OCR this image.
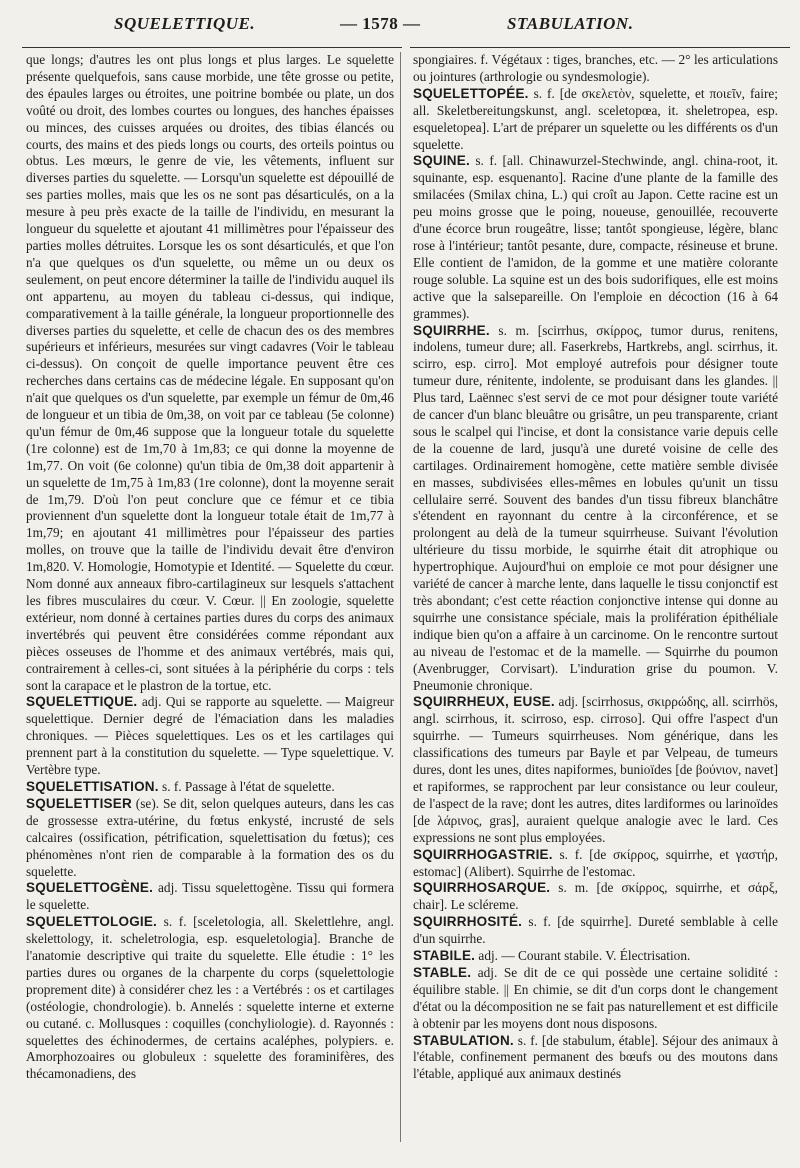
SQUELETTIQUE.	— 1578 —	STABULATION.

que longs; d'autres les ont plus longs et plus larges. Le squelette présente quelquefois, sans cause morbide, une tête grosse ou petite, des épaules larges ou étroites, une poitrine bombée ou plate, un dos voûté ou droit, des lombes courtes ou longues, des hanches épaisses ou minces, des cuisses arquées ou droites, des tibias élancés ou courts, des mains et des pieds longs ou courts, des orteils pointus ou obtus. Les mœurs, le genre de vie, les vêtements, influent sur diverses parties du squelette. — Lorsqu'un squelette est dépouillé de ses parties molles, mais que les os ne sont pas désarticulés, on a la mesure à peu près exacte de la taille de l'individu, en mesurant la longueur du squelette et ajoutant 41 millimètres pour l'épaisseur des parties molles détruites. Lorsque les os sont désarticulés, et que l'on n'a que quelques os d'un squelette, ou même un ou deux os seulement, on peut encore déterminer la taille de l'individu auquel ils ont appartenu, au moyen du tableau ci-dessus, qui indique, comparativement à la taille générale, la longueur proportionnelle des diverses parties du squelette, et celle de chacun des os des membres supérieurs et inférieurs, mesurées sur vingt cadavres (Voir le tableau ci-dessus). On conçoit de quelle importance peuvent être ces recherches dans certains cas de médecine légale. En supposant qu'on n'ait que quelques os d'un squelette, par exemple un fémur de 0m,46 de longueur et un tibia de 0m,38, on voit par ce tableau (5e colonne) qu'un fémur de 0m,46 suppose que la longueur totale du squelette (1re colonne) est de 1m,70 à 1m,83; ce qui donne la moyenne de 1m,77. On voit (6e colonne) qu'un tibia de 0m,38 doit appartenir à un squelette de 1m,75 à 1m,83 (1re colonne), dont la moyenne serait de 1m,79. D'où l'on peut conclure que ce fémur et ce tibia proviennent d'un squelette dont la longueur totale était de 1m,77 à 1m,79; en ajoutant 41 millimètres pour l'épaisseur des parties molles, on trouve que la taille de l'individu devait être d'environ 1m,820. V. Homologie, Homotypie et Identité. — Squelette du cœur. Nom donné aux anneaux fibro-cartilagineux sur lesquels s'attachent les fibres musculaires du cœur. V. Cœur. || En zoologie, squelette extérieur, nom donné à certaines parties dures du corps des animaux invertébrés qui peuvent être considérées comme répondant aux pièces osseuses de l'homme et des animaux vertébrés, mais qui, contrairement à celles-ci, sont situées à la périphérie du corps : tels sont la carapace et le plastron de la tortue, etc.

SQUELETTIQUE. adj. Qui se rapporte au squelette. — Maigreur squelettique. Dernier degré de l'émaciation dans les maladies chroniques. — Pièces squelettiques. Les os et les cartilages qui prennent part à la constitution du squelette. — Type squelettique. V. Vertèbre type.

SQUELETTISATION. s. f. Passage à l'état de squelette.

SQUELETTISER (se). Se dit, selon quelques auteurs, dans les cas de grossesse extra-utérine, du fœtus enkysté, incrusté de sels calcaires (ossification, pétrification, squelettisation du fœtus); ces phénomènes n'ont rien de comparable à la formation des os du squelette.

SQUELETTOGÈNE. adj. Tissu squelettogène. Tissu qui formera le squelette.

SQUELETTOLOGIE. s. f. [sceletologia, all. Skelettlehre, angl. skelettology, it. scheletrologia, esp. esqueletologia]. Branche de l'anatomie descriptive qui traite du squelette. Elle étudie : 1° les parties dures ou organes de la charpente du corps (squelettologie proprement dite) à considérer chez les : a Vertébrés : os et cartilages (ostéologie, chondrologie). b. Annelés : squelette interne et externe ou cutané. c. Mollusques : coquilles (conchyliologie). d. Rayonnés : squelettes des échinodermes, de certains acaléphes, polypiers. e. Amorphozoaires ou globuleux : squelette des foraminifères, des thécamonadiens, des

spongiaires. f. Végétaux : tiges, branches, etc. — 2° les articulations ou jointures (arthrologie ou syndesmologie).

SQUELETTOPÉE. s. f. [de σκελετὸν, squelette, et ποιεῖν, faire; all. Skeletbereitungskunst, angl. sceletopœa, it. sheletropea, esp. esqueletopea]. L'art de préparer un squelette ou les différents os d'un squelette.

SQUINE. s. f. [all. Chinawurzel-Stechwinde, angl. china-root, it. squinante, esp. esquenanto]. Racine d'une plante de la famille des smilacées (Smilax china, L.) qui croît au Japon. Cette racine est un peu moins grosse que le poing, noueuse, genouillée, recouverte d'une écorce brun rougeâtre, lisse; tantôt spongieuse, légère, blanc rose à l'intérieur; tantôt pesante, dure, compacte, résineuse et brune. Elle contient de l'amidon, de la gomme et une matière colorante rouge soluble. La squine est un des bois sudorifiques, elle est moins active que la salsepareille. On l'emploie en décoction (16 à 64 grammes).

SQUIRRHE. s. m. [scirrhus, σκίρρος, tumor durus, renitens, indolens, tumeur dure; all. Faserkrebs, Hartkrebs, angl. scirrhus, it. scirro, esp. cirro]. Mot employé autrefois pour désigner toute tumeur dure, rénitente, indolente, se produisant dans les glandes. || Plus tard, Laënnec s'est servi de ce mot pour désigner toute variété de cancer d'un blanc bleuâtre ou grisâtre, un peu transparente, criant sous le scalpel qui l'incise, et dont la consistance varie depuis celle de la couenne de lard, jusqu'à une dureté voisine de celle des cartilages. Ordinairement homogène, cette matière semble divisée en masses, subdivisées elles-mêmes en lobules qu'unit un tissu cellulaire serré. Souvent des bandes d'un tissu fibreux blanchâtre s'étendent en rayonnant du centre à la circonférence, et se prolongent au delà de la tumeur squirrheuse. Suivant l'évolution ultérieure du tissu morbide, le squirrhe était dit atrophique ou hypertrophique. Aujourd'hui on emploie ce mot pour désigner une variété de cancer à marche lente, dans laquelle le tissu conjonctif est très abondant; c'est cette réaction conjonctive intense qui donne au squirrhe une consistance spéciale, mais la prolifération épithéliale indique bien qu'on a affaire à un carcinome. On le rencontre surtout au niveau de l'estomac et de la mamelle. — Squirrhe du poumon (Avenbrugger, Corvisart). L'induration grise du poumon. V. Pneumonie chronique.

SQUIRRHEUX, EUSE. adj. [scirrhosus, σκιρρώδης, all. scirrhös, angl. scirrhous, it. scirroso, esp. cirroso]. Qui offre l'aspect d'un squirrhe. — Tumeurs squirrheuses. Nom générique, dans les classifications des tumeurs par Bayle et par Velpeau, de tumeurs dures, dont les unes, dites napiformes, bunioïdes [de βούνιον, navet] et rapiformes, se rapprochent par leur consistance ou leur couleur, de l'aspect de la rave; dont les autres, dites lardiformes ou larinoïdes [de λάρινος, gras], auraient quelque analogie avec le lard. Ces expressions ne sont plus employées.

SQUIRRHOGASTRIE. s. f. [de σκίρρος, squirrhe, et γαστήρ, estomac] (Alibert). Squirrhe de l'estomac.

SQUIRRHOSARQUE. s. m. [de σκίρρος, squirrhe, et σάρξ, chair]. Le scléreme.

SQUIRRHOSITÉ. s. f. [de squirrhe]. Dureté semblable à celle d'un squirrhe.

STABILE. adj. — Courant stabile. V. Électrisation.

STABLE. adj. Se dit de ce qui possède une certaine solidité : équilibre stable. || En chimie, se dit d'un corps dont le changement d'état ou la décomposition ne se fait pas naturellement et est difficile à obtenir par les moyens dont nous disposons.

STABULATION. s. f. [de stabulum, étable]. Séjour des animaux à l'étable, confinement permanent des bœufs ou des moutons dans l'étable, appliqué aux animaux destinés
